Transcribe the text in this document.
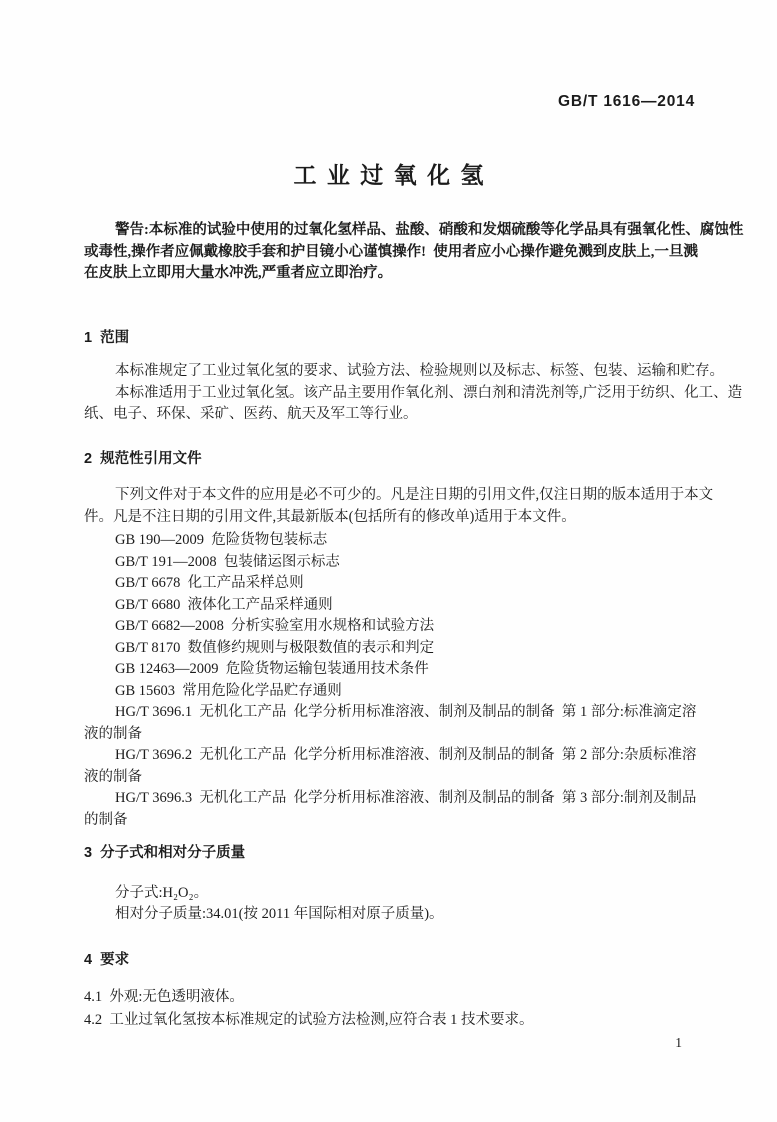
GB/T 1616—2014
工 业 过 氧 化 氢
警告:本标准的试验中使用的过氧化氢样品、盐酸、硝酸和发烟硫酸等化学品具有强氧化性、腐蚀性
或毒性,操作者应佩戴橡胶手套和护目镜小心谨慎操作!  使用者应小心操作避免溅到皮肤上,一旦溅
在皮肤上立即用大量水冲洗,严重者应立即治疗。
1  范围
本标准规定了工业过氧化氢的要求、试验方法、检验规则以及标志、标签、包装、运输和贮存。
本标准适用于工业过氧化氢。该产品主要用作氧化剂、漂白剂和清洗剂等,广泛用于纺织、化工、造
纸、电子、环保、采矿、医药、航天及军工等行业。
2  规范性引用文件
下列文件对于本文件的应用是必不可少的。凡是注日期的引用文件,仅注日期的版本适用于本文
件。凡是不注日期的引用文件,其最新版本(包括所有的修改单)适用于本文件。
GB 190—2009  危险货物包装标志
GB/T 191—2008  包装储运图示标志
GB/T 6678  化工产品采样总则
GB/T 6680  液体化工产品采样通则
GB/T 6682—2008  分析实验室用水规格和试验方法
GB/T 8170  数值修约规则与极限数值的表示和判定
GB 12463—2009  危险货物运输包装通用技术条件
GB 15603  常用危险化学品贮存通则
HG/T 3696.1  无机化工产品  化学分析用标准溶液、制剂及制品的制备  第 1 部分:标准滴定溶
液的制备
HG/T 3696.2  无机化工产品  化学分析用标准溶液、制剂及制品的制备  第 2 部分:杂质标准溶
液的制备
HG/T 3696.3  无机化工产品  化学分析用标准溶液、制剂及制品的制备  第 3 部分:制剂及制品
的制备
3  分子式和相对分子质量
分子式:H₂O₂。
相对分子质量:34.01(按 2011 年国际相对原子质量)。
4  要求
4.1  外观:无色透明液体。
4.2  工业过氧化氢按本标准规定的试验方法检测,应符合表 1 技术要求。
1
